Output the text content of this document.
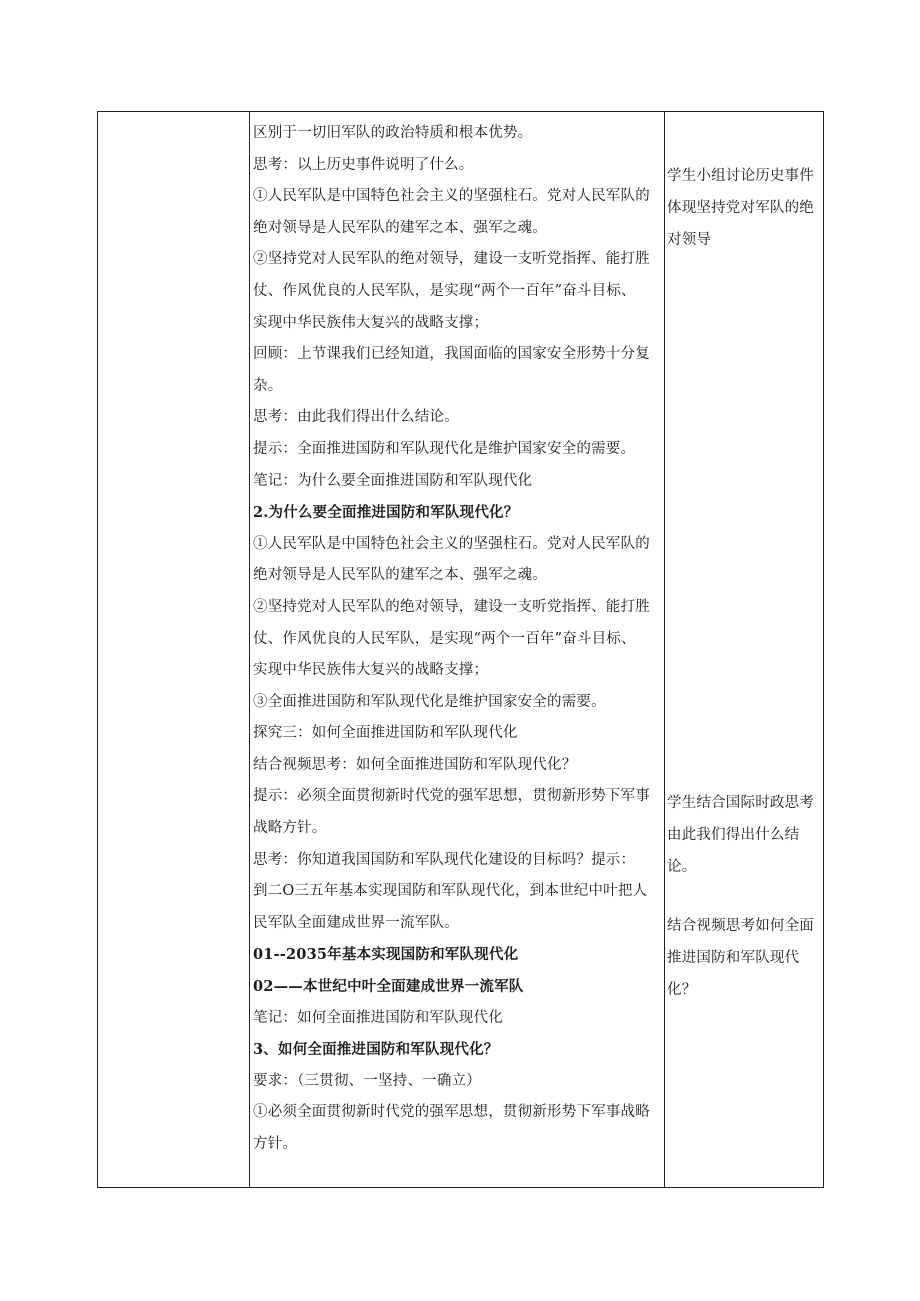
区别于一切旧军队的政治特质和根本优势。
思考：以上历史事件说明了什么。
①人民军队是中国特色社会主义的坚强柱石。党对人民军队的
绝对领导是人民军队的建军之本、强军之魂。
②坚持党对人民军队的绝对领导，建设一支听党指挥、能打胜
仗、作风优良的人民军队，是实现“两个一百年”奋斗目标、
实现中华民族伟大复兴的战略支撑；
回顾：上节课我们已经知道，我国面临的国家安全形势十分复
杂。
思考：由此我们得出什么结论。
提示：全面推进国防和军队现代化是维护国家安全的需要。
笔记：为什么要全面推进国防和军队现代化
2.为什么要全面推进国防和军队现代化？
①人民军队是中国特色社会主义的坚强柱石。党对人民军队的
绝对领导是人民军队的建军之本、强军之魂。
②坚持党对人民军队的绝对领导，建设一支听党指挥、能打胜
仗、作风优良的人民军队，是实现“两个一百年”奋斗目标、
实现中华民族伟大复兴的战略支撑；
③全面推进国防和军队现代化是维护国家安全的需要。
探究三：如何全面推进国防和军队现代化
结合视频思考：如何全面推进国防和军队现代化？
提示：必须全面贯彻新时代党的强军思想，贯彻新形势下军事
战略方针。
思考：你知道我国国防和军队现代化建设的目标吗？提示：
到二O三五年基本实现国防和军队现代化，到本世纪中叶把人
民军队全面建成世界一流军队。
01--2035年基本实现国防和军队现代化
02——本世纪中叶全面建成世界一流军队
笔记：如何全面推进国防和军队现代化
3、如何全面推进国防和军队现代化？
要求：（三贯彻、一坚持、一确立）
①必须全面贯彻新时代党的强军思想，贯彻新形势下军事战略
方针。
学生小组讨论历史事件
体现坚持党对军队的绝
对领导
学生结合国际时政思考
由此我们得出什么结
论。
结合视频思考如何全面
推进国防和军队现代
化？
